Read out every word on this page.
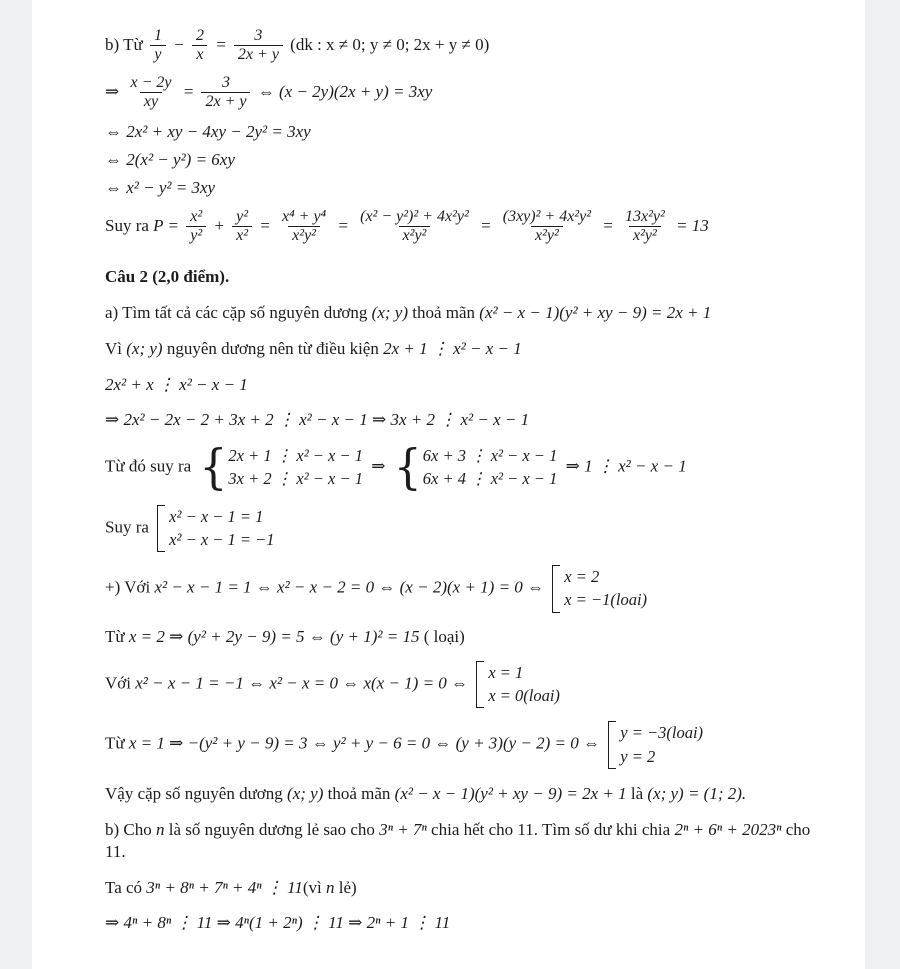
b) Từ $\frac{1}{y} - \frac{2}{x} = \frac{3}{2x + y} (dk$ : x ≠ 0; y ≠ 0; 2x + y ≠ 0)
⇒ $\frac{x - 2y}{xy} = \frac{3}{2x + y}$ ⇔ (x − 2y)(2x + y) = 3xy
⇔ 2x² + xy − 4xy − 2y² = 3xy
⇔ 2(x² − y²) = 6xy
⇔ x² − y² = 3xy
Suy ra $P = \frac{\text{x²}}{\text{y²}} + \frac{\text{y²}}{\text{x²}} = \frac{\text{x⁴ + y⁴}}{\text{x²y²}} = \frac{\text{(x² − y²)² + 4x²y²}}{\text{x²y²}} = \frac{\text{(3xy)² + 4x²y²}}{\text{x²y²}} = \frac{\text{13x²y²}}{\text{x²y²}} = 13$
Câu 2 (2,0 điểm).
a) Tìm tất cả các cặp số nguyên dương (x; y) thoả mãn (x² − x − 1)(y² + xy − 9) = 2x + 1
Vì (x; y) nguyên dương nên từ điều kiện 2x + 1 ⋮ x² − x − 1
2x² + x ⋮ x² − x − 1
⇒ 2x² − 2x − 2 + 3x + 2 ⋮ x² − x − 1 ⇒ 3x + 2 ⋮ x² − x − 1
Từ đó suy ra { 2x + 1 ⋮ x² − x − 1
3x + 2 ⋮ x² − x − 1
⇒ { 6x + 3 ⋮ x² − x − 1
6x + 4 ⋮ x² − x − 1
⇒ 1 ⋮ x² − x − 1
Suy ra
x² − x − 1 = 1
x² − x − 1 = −1
+) Với x² − x − 1 = 1 ⇔ x² − x − 2 = 0 ⇔ (x − 2)(x + 1) = 0 ⇔
x = 2
x = −1(loai)
Từ x = 2 ⇒ (y² + 2y − 9) = 5 ⇔ (y + 1)² = 15 ( loại)
Với x² − x − 1 = −1 ⇔ x² − x = 0 ⇔ x(x − 1) = 0 ⇔
x = 1
x = 0(loai)
Từ x = 1 ⇒ −(y² + y − 9) = 3 ⇔ y² + y − 6 = 0 ⇔ (y + 3)(y − 2) = 0 ⇔
y = −3(loai)
y = 2
Vậy cặp số nguyên dương (x; y) thoả mãn (x² − x − 1)(y² + xy − 9) = 2x + 1 là (x; y) = (1; 2).
b) Cho n là số nguyên dương lẻ sao cho 3ⁿ + 7ⁿ chia hết cho 11. Tìm số dư khi chia 2ⁿ + 6ⁿ + 2023ⁿ cho 11.
Ta có 3ⁿ + 8ⁿ + 7ⁿ + 4ⁿ ⋮ 11(vì n lẻ)
⇒ 4ⁿ + 8ⁿ ⋮ 11 ⇒ 4ⁿ(1 + 2ⁿ) ⋮ 11 ⇒ 2ⁿ + 1 ⋮ 11
